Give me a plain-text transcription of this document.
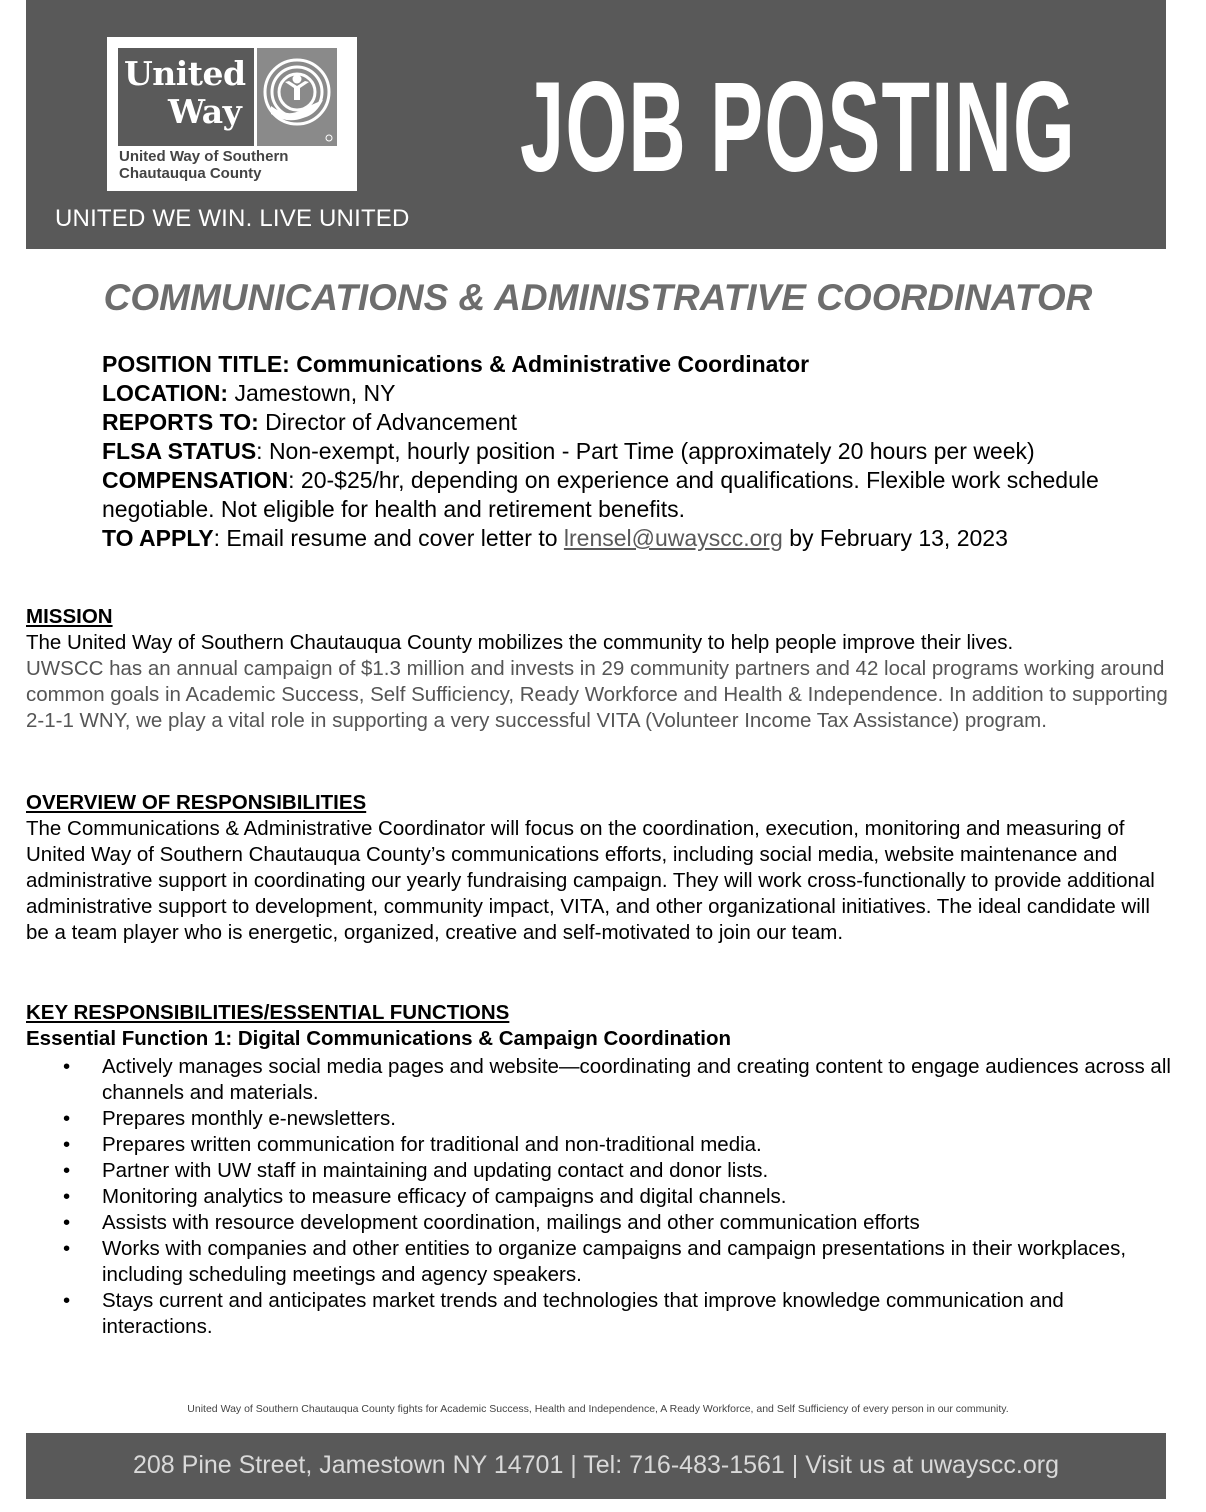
United
Way
United Way of Southern
Chautauqua County
UNITED WE WIN. LIVE UNITED
JOB POSTING
COMMUNICATIONS & ADMINISTRATIVE COORDINATOR

POSITION TITLE: Communications & Administrative Coordinator

LOCATION: Jamestown, NY

REPORTS TO: Director of Advancement

FLSA STATUS: Non-exempt, hourly position - Part Time (approximately 20 hours per week)

COMPENSATION: 20-$25/hr, depending on experience and qualifications. Flexible work schedule negotiable. Not eligible for health and retirement benefits.

TO APPLY: Email resume and cover letter to lrensel@uwayscc.org by February 13, 2023

MISSION

The United Way of Southern Chautauqua County mobilizes the community to help people improve their lives.

UWSCC has an annual campaign of $1.3 million and invests in 29 community partners and 42 local programs working around common goals in Academic Success, Self Sufficiency, Ready Workforce and Health & Independence. In addition to supporting 2-1-1 WNY, we play a vital role in supporting a very successful VITA (Volunteer Income Tax Assistance) program.

OVERVIEW OF RESPONSIBILITIES

The Communications & Administrative Coordinator will focus on the coordination, execution, monitoring and measuring of United Way of Southern Chautauqua County’s communications efforts, including social media, website maintenance and administrative support in coordinating our yearly fundraising campaign. They will work cross-functionally to provide additional administrative support to development, community impact, VITA, and other organizational initiatives. The ideal candidate will be a team player who is energetic, organized, creative and self-motivated to join our team.

KEY RESPONSIBILITIES/ESSENTIAL FUNCTIONS

Essential Function 1: Digital Communications & Campaign Coordination

• Actively manages social media pages and website—coordinating and creating content to engage audiences across all channels and materials.
• Prepares monthly e-newsletters.
• Prepares written communication for traditional and non-traditional media.
• Partner with UW staff in maintaining and updating contact and donor lists.
• Monitoring analytics to measure efficacy of campaigns and digital channels.
• Assists with resource development coordination, mailings and other communication efforts
• Works with companies and other entities to organize campaigns and campaign presentations in their workplaces, including scheduling meetings and agency speakers.
• Stays current and anticipates market trends and technologies that improve knowledge communication and interactions.
United Way of Southern Chautauqua County fights for Academic Success, Health and Independence, A Ready Workforce, and Self Sufficiency of every person in our community.
208 Pine Street, Jamestown NY 14701 | Tel: 716-483-1561 | Visit us at uwayscc.org
